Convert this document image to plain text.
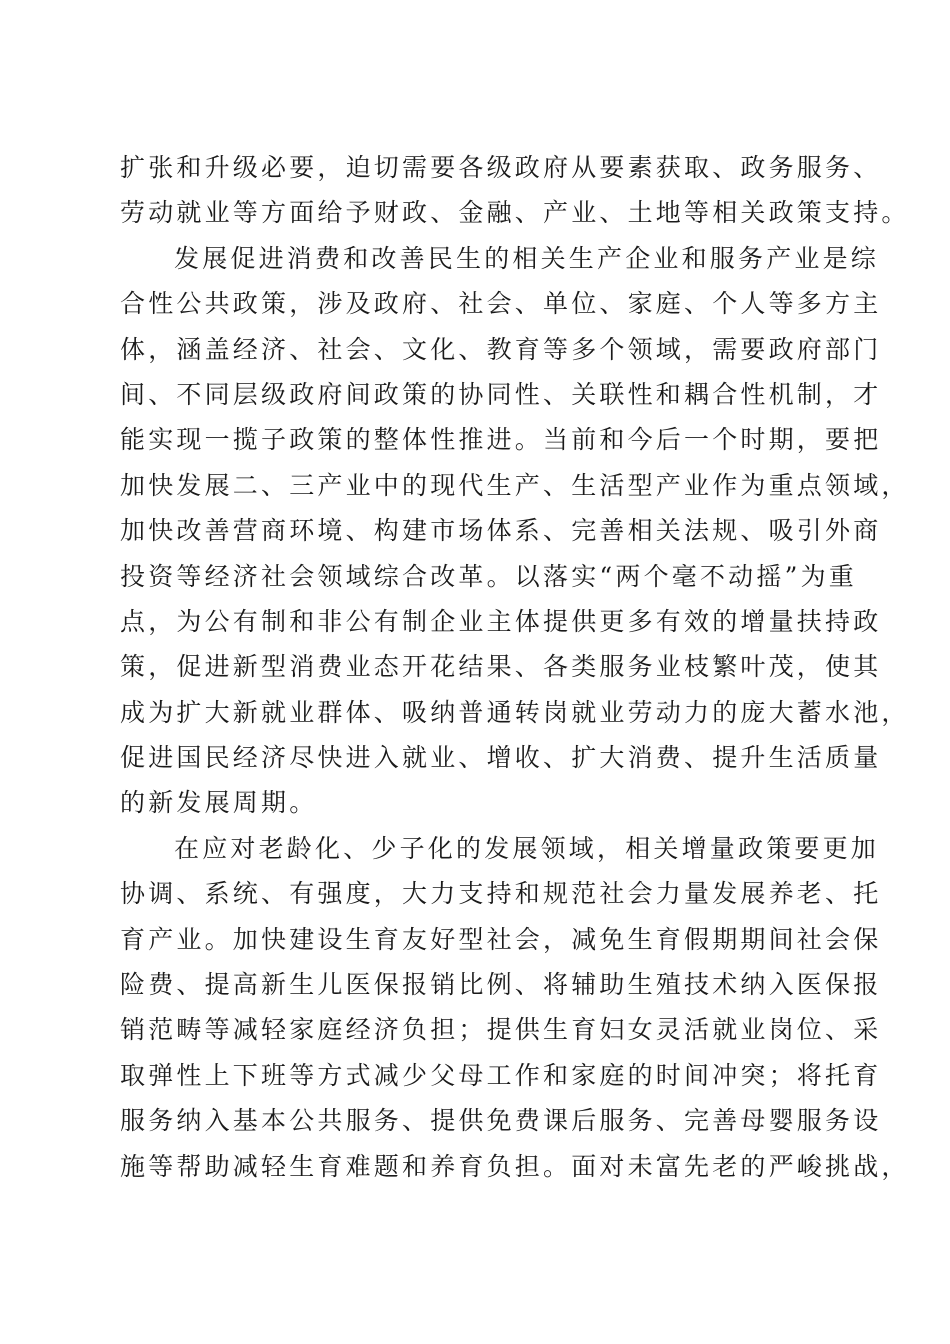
扩张和升级必要，迫切需要各级政府从要素获取、政务服务、
劳动就业等方面给予财政、金融、产业、土地等相关政策支持。
发展促进消费和改善民生的相关生产企业和服务产业是综
合性公共政策，涉及政府、社会、单位、家庭、个人等多方主
体，涵盖经济、社会、文化、教育等多个领域，需要政府部门
间、不同层级政府间政策的协同性、关联性和耦合性机制，才
能实现一揽子政策的整体性推进。当前和今后一个时期，要把
加快发展二、三产业中的现代生产、生活型产业作为重点领域，
加快改善营商环境、构建市场体系、完善相关法规、吸引外商
投资等经济社会领域综合改革。以落实“两个毫不动摇”为重
点，为公有制和非公有制企业主体提供更多有效的增量扶持政
策，促进新型消费业态开花结果、各类服务业枝繁叶茂，使其
成为扩大新就业群体、吸纳普通转岗就业劳动力的庞大蓄水池，
促进国民经济尽快进入就业、增收、扩大消费、提升生活质量
的新发展周期。
在应对老龄化、少子化的发展领域，相关增量政策要更加
协调、系统、有强度，大力支持和规范社会力量发展养老、托
育产业。加快建设生育友好型社会，减免生育假期期间社会保
险费、提高新生儿医保报销比例、将辅助生殖技术纳入医保报
销范畴等减轻家庭经济负担；提供生育妇女灵活就业岗位、采
取弹性上下班等方式减少父母工作和家庭的时间冲突；将托育
服务纳入基本公共服务、提供免费课后服务、完善母婴服务设
施等帮助减轻生育难题和养育负担。面对未富先老的严峻挑战，
